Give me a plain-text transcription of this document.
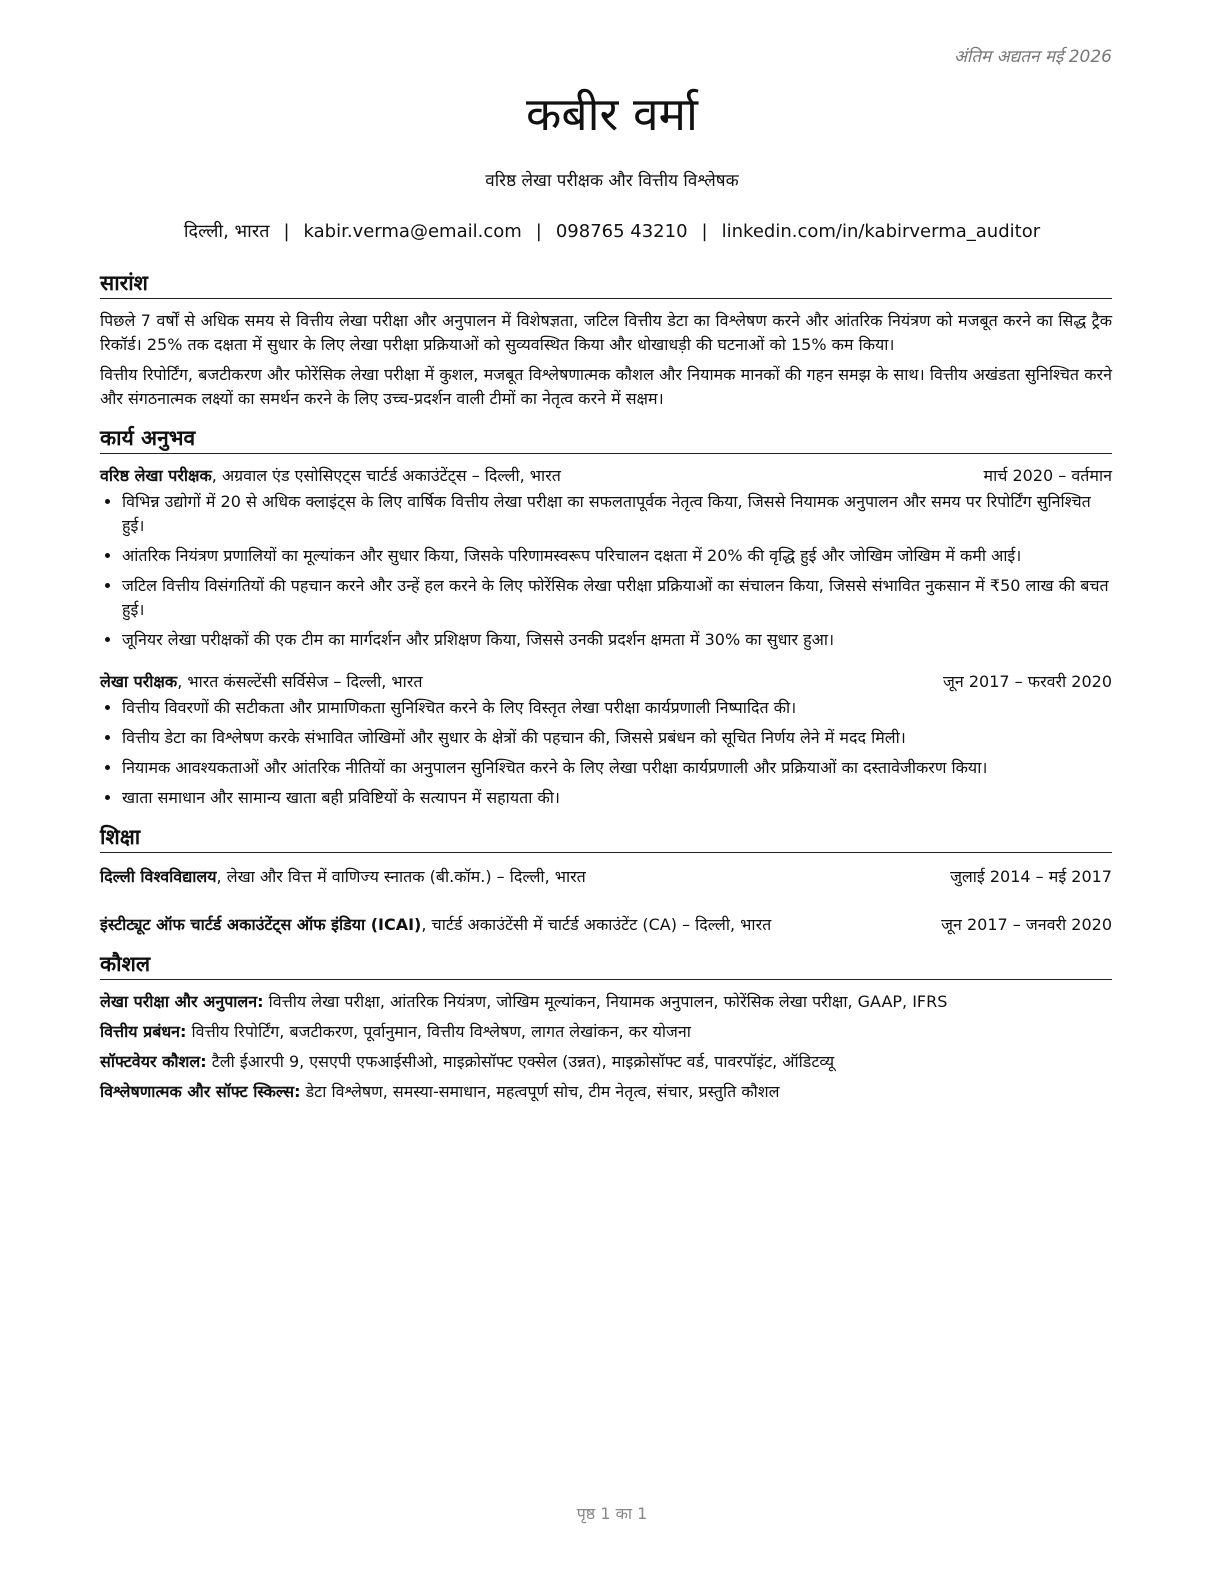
अंतिम अद्यतन मई 2026
कबीर वर्मा
वरिष्ठ लेखा परीक्षक और वित्तीय विश्लेषक
दिल्ली, भारत | kabir.verma@email.com | 098765 43210 | linkedin.com/in/kabirverma_auditor
सारांश

पिछले 7 वर्षों से अधिक समय से वित्तीय लेखा परीक्षा और अनुपालन में विशेषज्ञता, जटिल वित्तीय डेटा का विश्लेषण करने और आंतरिक नियंत्रण को मजबूत करने का सिद्ध ट्रैक रिकॉर्ड। 25% तक दक्षता में सुधार के लिए लेखा परीक्षा प्रक्रियाओं को सुव्यवस्थित किया और धोखाधड़ी की घटनाओं को 15% कम किया।

वित्तीय रिपोर्टिंग, बजटीकरण और फोरेंसिक लेखा परीक्षा में कुशल, मजबूत विश्लेषणात्मक कौशल और नियामक मानकों की गहन समझ के साथ। वित्तीय अखंडता सुनिश्चित करने और संगठनात्मक लक्ष्यों का समर्थन करने के लिए उच्च-प्रदर्शन वाली टीमों का नेतृत्व करने में सक्षम।

कार्य अनुभव
वरिष्ठ लेखा परीक्षक, अग्रवाल एंड एसोसिएट्स चार्टर्ड अकाउंटेंट्स – दिल्ली, भारत	मार्च 2020 – वर्तमान
• विभिन्न उद्योगों में 20 से अधिक क्लाइंट्स के लिए वार्षिक वित्तीय लेखा परीक्षा का सफलतापूर्वक नेतृत्व किया, जिससे नियामक अनुपालन और समय पर रिपोर्टिंग सुनिश्चित हुई।
• आंतरिक नियंत्रण प्रणालियों का मूल्यांकन और सुधार किया, जिसके परिणामस्वरूप परिचालन दक्षता में 20% की वृद्धि हुई और जोखिम जोखिम में कमी आई।
• जटिल वित्तीय विसंगतियों की पहचान करने और उन्हें हल करने के लिए फोरेंसिक लेखा परीक्षा प्रक्रियाओं का संचालन किया, जिससे संभावित नुकसान में ₹50 लाख की बचत हुई।
• जूनियर लेखा परीक्षकों की एक टीम का मार्गदर्शन और प्रशिक्षण किया, जिससे उनकी प्रदर्शन क्षमता में 30% का सुधार हुआ।
लेखा परीक्षक, भारत कंसल्टेंसी सर्विसेज – दिल्ली, भारत	जून 2017 – फरवरी 2020
• वित्तीय विवरणों की सटीकता और प्रामाणिकता सुनिश्चित करने के लिए विस्तृत लेखा परीक्षा कार्यप्रणाली निष्पादित की।
• वित्तीय डेटा का विश्लेषण करके संभावित जोखिमों और सुधार के क्षेत्रों की पहचान की, जिससे प्रबंधन को सूचित निर्णय लेने में मदद मिली।
• नियामक आवश्यकताओं और आंतरिक नीतियों का अनुपालन सुनिश्चित करने के लिए लेखा परीक्षा कार्यप्रणाली और प्रक्रियाओं का दस्तावेजीकरण किया।
• खाता समाधान और सामान्य खाता बही प्रविष्टियों के सत्यापन में सहायता की।
शिक्षा
दिल्ली विश्वविद्यालय, लेखा और वित्त में वाणिज्य स्नातक (बी.कॉम.) – दिल्ली, भारत	जुलाई 2014 – मई 2017
इंस्टीट्यूट ऑफ चार्टर्ड अकाउंटेंट्स ऑफ इंडिया (ICAI), चार्टर्ड अकाउंटेंसी में चार्टर्ड अकाउंटेंट (CA) – दिल्ली, भारत	जून 2017 – जनवरी 2020
कौशल
लेखा परीक्षा और अनुपालन: वित्तीय लेखा परीक्षा, आंतरिक नियंत्रण, जोखिम मूल्यांकन, नियामक अनुपालन, फोरेंसिक लेखा परीक्षा, GAAP, IFRS
वित्तीय प्रबंधन: वित्तीय रिपोर्टिंग, बजटीकरण, पूर्वानुमान, वित्तीय विश्लेषण, लागत लेखांकन, कर योजना
सॉफ्टवेयर कौशल: टैली ईआरपी 9, एसएपी एफआईसीओ, माइक्रोसॉफ्ट एक्सेल (उन्नत), माइक्रोसॉफ्ट वर्ड, पावरपॉइंट, ऑडिटव्यू
विश्लेषणात्मक और सॉफ्ट स्किल्स: डेटा विश्लेषण, समस्या-समाधान, महत्वपूर्ण सोच, टीम नेतृत्व, संचार, प्रस्तुति कौशल
पृष्ठ 1 का 1
